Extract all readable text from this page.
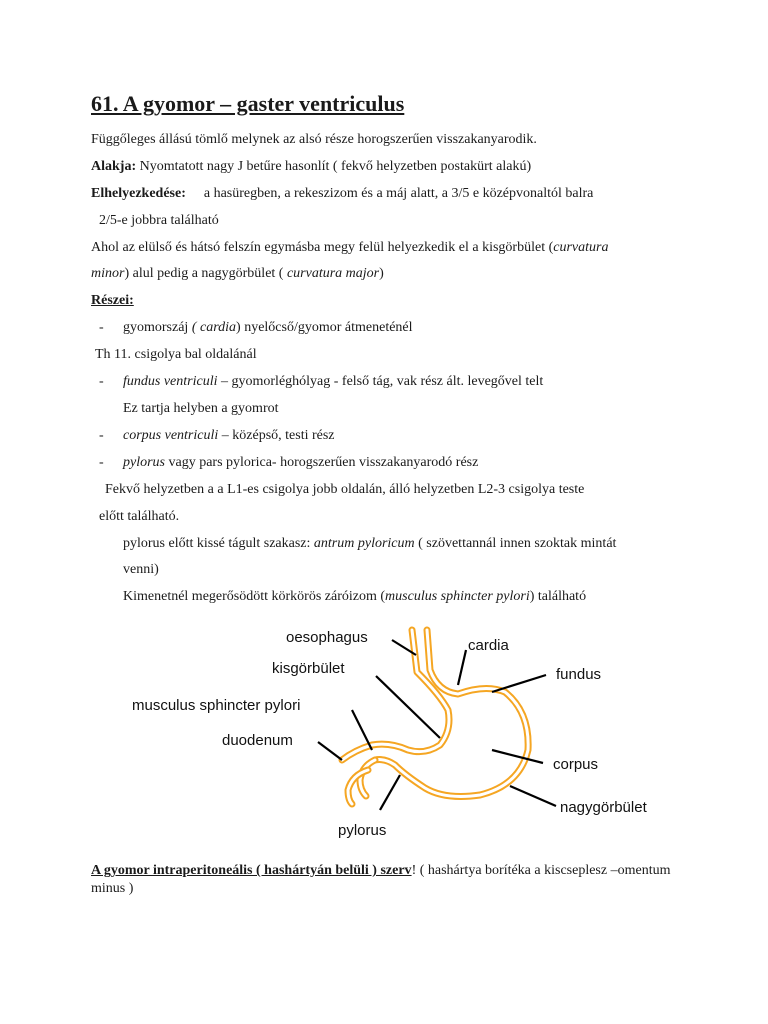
61. A gyomor – gaster ventriculus
Függőleges állású tömlő melynek az alsó része horogszerűen visszakanyarodik.
Alakja: Nyomtatott nagy J betűre hasonlít ( fekvő helyzetben postakürt alakú)
Elhelyezkedése: a hasüregben, a rekeszizom és a máj alatt, a 3/5 e középvonaltól balra
2/5-e jobbra található
Ahol az elülső és hátsó felszín egymásba megy felül helyezkedik el a kisgörbület (curvatura
minor) alul pedig a nagygörbület ( curvatura major)
Részei:
- gyomorszáj ( cardia) nyelőcső/gyomor átmeneténél
Th 11. csigolya bal oldalánál
- fundus ventriculi – gyomorléghólyag - felső tág, vak rész ált. levegővel telt
Ez tartja helyben a gyomrot
- corpus ventriculi – középső, testi rész
- pylorus vagy pars pylorica- horogszerűen visszakanyarodó rész
Fekvő helyzetben a a L1-es csigolya jobb oldalán, álló helyzetben L2-3 csigolya teste
előtt található.
pylorus előtt kissé tágult szakasz: antrum pyloricum ( szövettannál innen szoktak mintát
venni)
Kimenetnél megerősödött körkörös záróizom (musculus sphincter pylori) található
oesophagus	cardia
kisgörbület	fundus
musculus sphincter pylori
duodenum
corpus
nagygörbület
pylorus
A gyomor intraperitoneális ( hashártyán belüli ) szerv! ( hashártya borítéka a kiscseplesz –omentum minus )
